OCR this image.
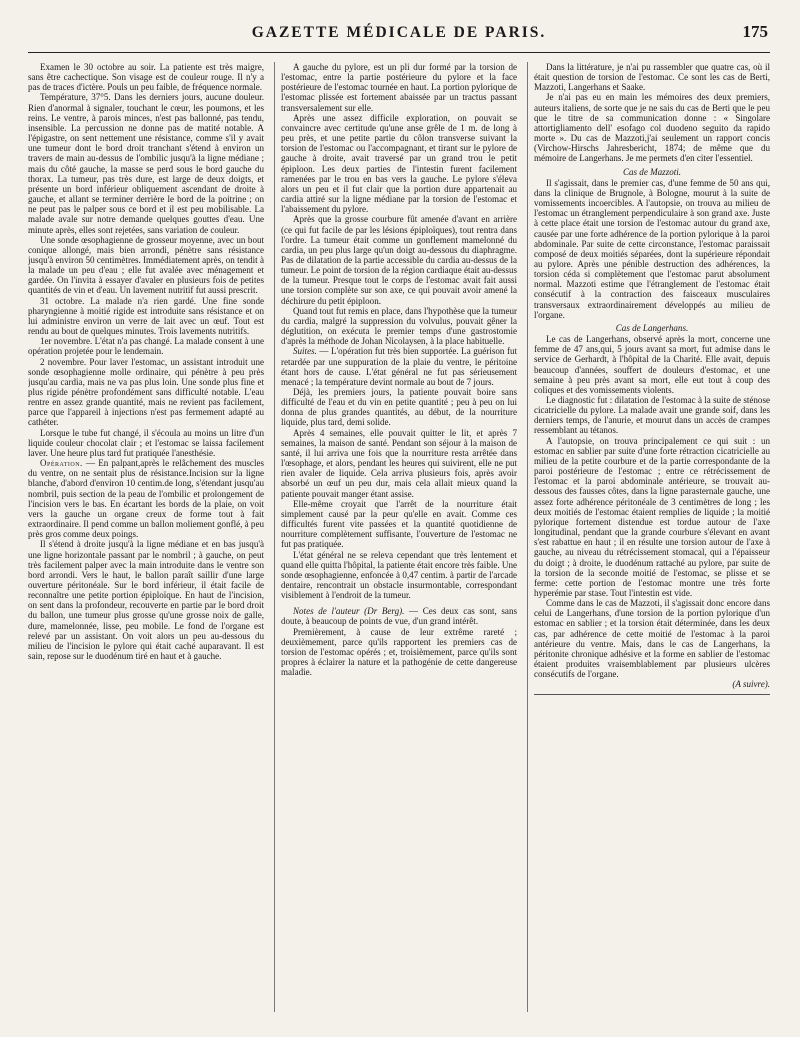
GAZETTE MÉDICALE DE PARIS.	175

Examen le 30 octobre au soir. La patiente est très maigre, sans être cachectique. Son visage est de couleur rouge. Il n'y a pas de traces d'ictère. Pouls un peu faible, de fréquence normale.

Température, 37°5. Dans les derniers jours, aucune douleur. Rien d'anormal à signaler, touchant le cœur, les poumons, et les reins. Le ventre, à parois minces, n'est pas ballonné, pas tendu, insensible. La percussion ne donne pas de matité notable. A l'épigastre, on sent nettement une résistance, comme s'il y avait une tumeur dont le bord droit tranchant s'étend à environ un travers de main au-dessus de l'ombilic jusqu'à la ligne médiane ; mais du côté gauche, la masse se perd sous le bord gauche du thorax. La tumeur, pas très dure, est large de deux doigts, et présente un bord inférieur obliquement ascendant de droite à gauche, et allant se terminer derrière le bord de la poitrine ; on ne peut pas le palper sous ce bord et il est peu mobilisable. La malade avale sur notre demande quelques gouttes d'eau. Une minute après, elles sont rejetées, sans variation de couleur.

Une sonde œsophagienne de grosseur moyenne, avec un bout conique allongé, mais bien arrondi, pénètre sans résistance jusqu'à environ 50 centimètres. Immédiatement après, on tendit à la malade un peu d'eau ; elle fut avalée avec ménagement et gardée. On l'invita à essayer d'avaler en plusieurs fois de petites quantités de vin et d'eau. Un lavement nutritif fut aussi prescrit.

31 octobre. La malade n'a rien gardé. Une fine sonde pharyngienne à moitié rigide est introduite sans résistance et on lui administre environ un verre de lait avec un œuf. Tout est rendu au bout de quelques minutes. Trois lavements nutritifs.

1er novembre. L'état n'a pas changé. La malade consent à une opération projetée pour le lendemain.

2 novembre. Pour laver l'estomac, un assistant introduit une sonde œsophagienne molle ordinaire, qui pénètre à peu près jusqu'au cardia, mais ne va pas plus loin. Une sonde plus fine et plus rigide pénètre profondément sans difficulté notable. L'eau rentre en assez grande quantité, mais ne revient pas facilement, parce que l'appareil à injections n'est pas fermement adapté au cathéter.

Lorsque le tube fut changé, il s'écoula au moins un litre d'un liquide couleur chocolat clair ; et l'estomac se laissa facilement laver. Une heure plus tard fut pratiquée l'anesthésie.

Opération. — En palpant,après le relâchement des muscles du ventre, on ne sentait plus de résistance.Incision sur la ligne blanche, d'abord d'environ 10 centim.de long, s'étendant jusqu'au nombril, puis section de la peau de l'ombilic et prolongement de l'incision vers le bas. En écartant les bords de la plaie, on voit vers la gauche un organe creux de forme tout à fait extraordinaire. Il pend comme un ballon moliement gonflé, à peu près gros comme deux poings.

Il s'étend à droite jusqu'à la ligne médiane et en bas jusqu'à une ligne horizontale passant par le nombril ; à gauche, on peut très facilement palper avec la main introduite dans le ventre son bord arrondi. Vers le haut, le ballon paraît saillir d'une large ouverture péritonéale. Sur le bord inférieur, il était facile de reconnaître une petite portion épiploïque. En haut de l'incision, on sent dans la profondeur, recouverte en partie par le bord droit du ballon, une tumeur plus grosse qu'une grosse noix de galle, dure, mamelonnée, lisse, peu mobile. Le fond de l'organe est relevé par un assistant. On voit alors un peu au-dessous du milieu de l'incision le pylore qui était caché auparavant. Il est sain, repose sur le duodénum tiré en haut et à gauche.

A gauche du pylore, est un pli dur formé par la torsion de l'estomac, entre la partie postérieure du pylore et la face postérieure de l'estomac tournée en haut. La portion pylorique de l'estomac plissée est fortement abaissée par un tractus passant transversalement sur elle.

Après une assez difficile exploration, on pouvait se convaincre avec certitude qu'une anse grêle de 1 m. de long à peu près, et une petite partie du côlon transverse suivant la torsion de l'estomac ou l'accompagnant, et tirant sur le pylore de gauche à droite, avait traversé par un grand trou le petit épiploon. Les deux parties de l'intestin furent facilement ramenées par le trou en bas vers la gauche. Le pylore s'éleva alors un peu et il fut clair que la portion dure appartenait au cardia attiré sur la ligne médiane par la torsion de l'estomac et l'abaissement du pylore.

Après que la grosse courbure fût amenée d'avant en arrière (ce qui fut facile de par les lésions épiploïques), tout rentra dans l'ordre. La tumeur était comme un gonflement mamelonné du cardia, un peu plus large qu'un doigt au-dessous du diaphragme. Pas de dilatation de la partie accessible du cardia au-dessus de la tumeur. Le point de torsion de la région cardiaque était au-dessus de la tumeur. Presque tout le corps de l'estomac avait fait aussi une torsion complète sur son axe, ce qui pouvait avoir amené la déchirure du petit épiploon.

Quand tout fut remis en place, dans l'hypothèse que la tumeur du cardia, malgré la suppression du volvulus, pouvait gêner la déglutition, on exécuta le premier temps d'une gastrostomie d'après la méthode de Johan Nicolaysen, à la place habituelle.

Suites. — L'opération fut très bien supportée. La guérison fut retardée par une suppuration de la plaie du ventre, le péritoine étant hors de cause. L'état général ne fut pas sérieusement menacé ; la température devint normale au bout de 7 jours.

Déjà, les premiers jours, la patiente pouvait boire sans difficulté de l'eau et du vin en petite quantité ; peu à peu on lui donna de plus grandes quantités, au début, de la nourriture liquide, plus tard, demi solide.

Après 4 semaines, elle pouvait quitter le lit, et après 7 semaines, la maison de santé. Pendant son séjour à la maison de santé, il lui arriva une fois que la nourriture resta arrêtée dans l'œsophage, et alors, pendant les heures qui suivirent, elle ne put rien avaler de liquide. Cela arriva plusieurs fois, après avoir absorbé un œuf un peu dur, mais cela allait mieux quand la patiente pouvait manger étant assise.

Elle-même croyait que l'arrêt de la nourriture était simplement causé par la peur qu'elle en avait. Comme ces difficultés furent vite passées et la quantité quotidienne de nourriture complètement suffisante, l'ouverture de l'estomac ne fut pas pratiquée.

L'état général ne se releva cependant que très lentement et quand elle quitta l'hôpital, la patiente était encore très faible. Une sonde œsophagienne, enfoncée à 0,47 centim. à partir de l'arcade dentaire, rencontrait un obstacle insurmontable, correspondant visiblement à l'endroit de la tumeur.

Notes de l'auteur (Dr Berg). — Ces deux cas sont, sans doute, à beaucoup de points de vue, d'un grand intérêt.

Premièrement, à cause de leur extrême rareté ; deuxièmement, parce qu'ils rapportent les premiers cas de torsion de l'estomac opérés ; et, troisièmement, parce qu'ils sont propres à éclairer la nature et la pathogénie de cette dangereuse maladie.

Dans la littérature, je n'ai pu rassembler que quatre cas, où il était question de torsion de l'estomac. Ce sont les cas de Berti, Mazzoti, Langerhans et Saake.

Je n'ai pas eu en main les mémoires des deux premiers, auteurs italiens, de sorte que je ne sais du cas de Berti que le peu que le titre de sa communication donne : « Singolare attortigliamento dell' esofago col duodeno seguito da rapido morte ». Du cas de Mazzoti,j'ai seulement un rapport concis (Virchow-Hirschs Jahresbericht, 1874; de même que du mémoire de Langerhans. Je me permets d'en citer l'essentiel.

Cas de Mazzoti.

Il s'agissait, dans le premier cas, d'une femme de 50 ans qui, dans la clinique de Brugnole, à Bologne, mourut à la suite de vomissements incoercibles. A l'autopsie, on trouva au milieu de l'estomac un étranglement perpendiculaire à son grand axe. Juste à cette place était une torsion de l'estomac autour du grand axe, causée par une forte adhérence de la portion pylorique à la paroi abdominale. Par suite de cette circonstance, l'estomac paraissait composé de deux moitiés séparées, dont la supérieure répondait au pylore. Après une pénible destruction des adhérences, la torsion céda si complètement que l'estomac parut absolument normal. Mazzoti estime que l'étranglement de l'estomac était consécutif à la contraction des faisceaux musculaires transversaux extraordinairement développés au milieu de l'organe.

Cas de Langerhans.

Le cas de Langerhans, observé après la mort, concerne une femme de 47 ans,qui, 5 jours avant sa mort, fut admise dans le service de Gerhardt, à l'hôpital de la Charité. Elle avait, depuis beaucoup d'années, souffert de douleurs d'estomac, et une semaine à peu près avant sa mort, elle eut tout à coup des coliques et des vomissements violents.

Le diagnostic fut : dilatation de l'estomac à la suite de sténose cicatricielle du pylore. La malade avait une grande soif, dans les derniers temps, de l'anurie, et mourut dans un accès de crampes ressemblant au tétanos.

A l'autopsie, on trouva principalement ce qui suit : un estomac en sablier par suite d'une forte rétraction cicatricielle au milieu de la petite courbure et de la partie correspondante de la paroi postérieure de l'estomac ; entre ce rétrécissement de l'estomac et la paroi abdominale antérieure, se trouvait au-dessous des fausses côtes, dans la ligne parasternale gauche, une assez forte adhérence péritonéale de 3 centimètres de long ; les deux moitiés de l'estomac étaient remplies de liquide ; la moitié pylorique fortement distendue est tordue autour de l'axe longitudinal, pendant que la grande courbure s'élevant en avant s'est rabattue en haut ; il en résulte une torsion autour de l'axe à gauche, au niveau du rétrécissement stomacal, qui a l'épaisseur du doigt ; à droite, le duodénum rattaché au pylore, par suite de la torsion de la seconde moitié de l'estomac, se plisse et se ferme: cette portion de l'estomac montre une très forte hyperémie par stase. Tout l'intestin est vide.

Comme dans le cas de Mazzoti, il s'agissait donc encore dans celui de Langerhans, d'une torsion de la portion pylorique d'un estomac en sablier ; et la torsion était déterminée, dans les deux cas, par adhérence de cette moitié de l'estomac à la paroi antérieure du ventre. Mais, dans le cas de Langerhans, la péritonite chronique adhésive et la forme en sablier de l'estomac étaient produites vraisemblablement par plusieurs ulcères consécutifs de l'organe.

(A suivre).
